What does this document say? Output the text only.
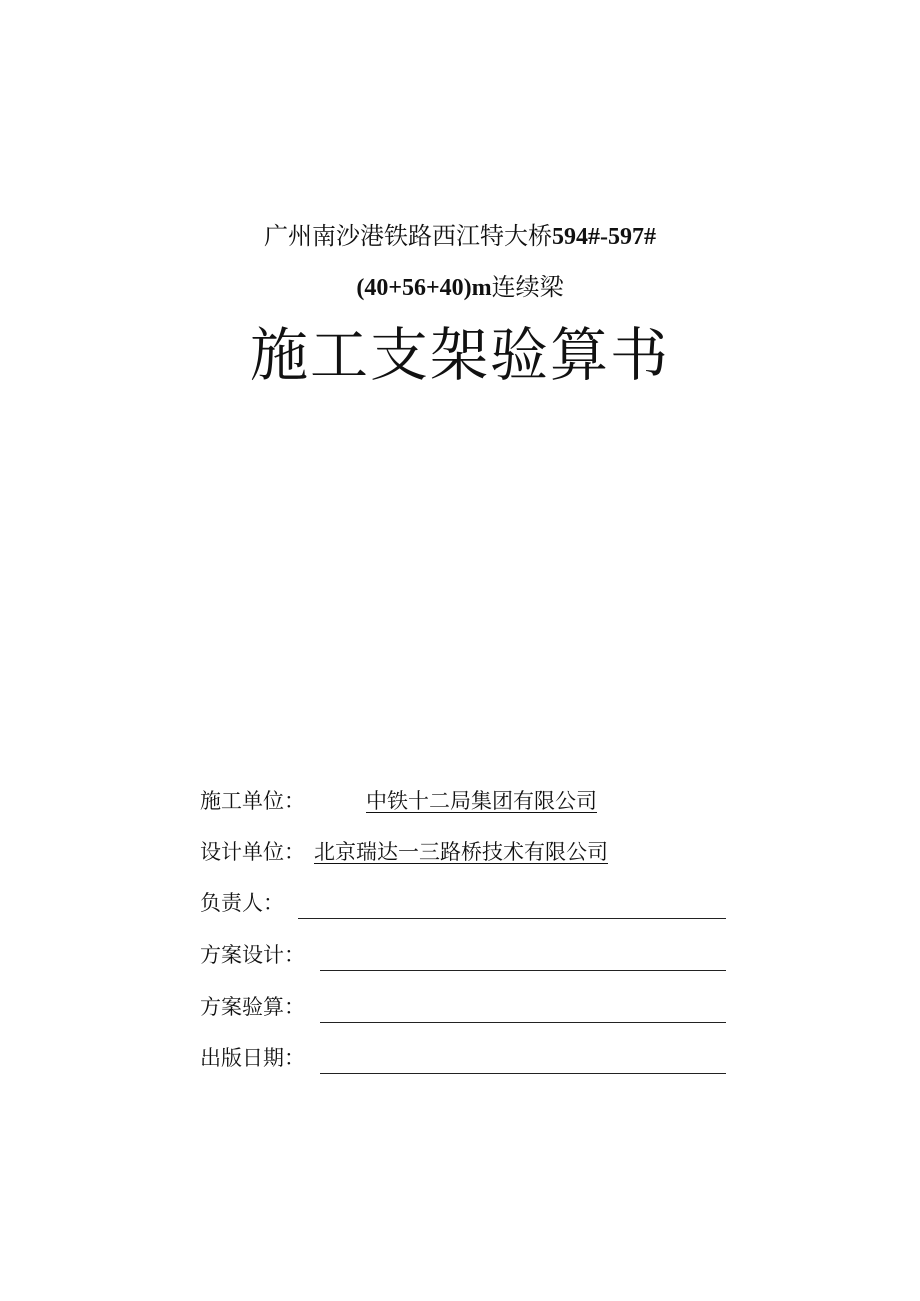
广州南沙港铁路西江特大桥594#-597#
(40+56+40)m连续梁
施工支架验算书
施工单位：	中铁十二局集团有限公司
设计单位： 北京瑞达一三路桥技术有限公司
负责人：
方案设计：
方案验算：
出版日期：
